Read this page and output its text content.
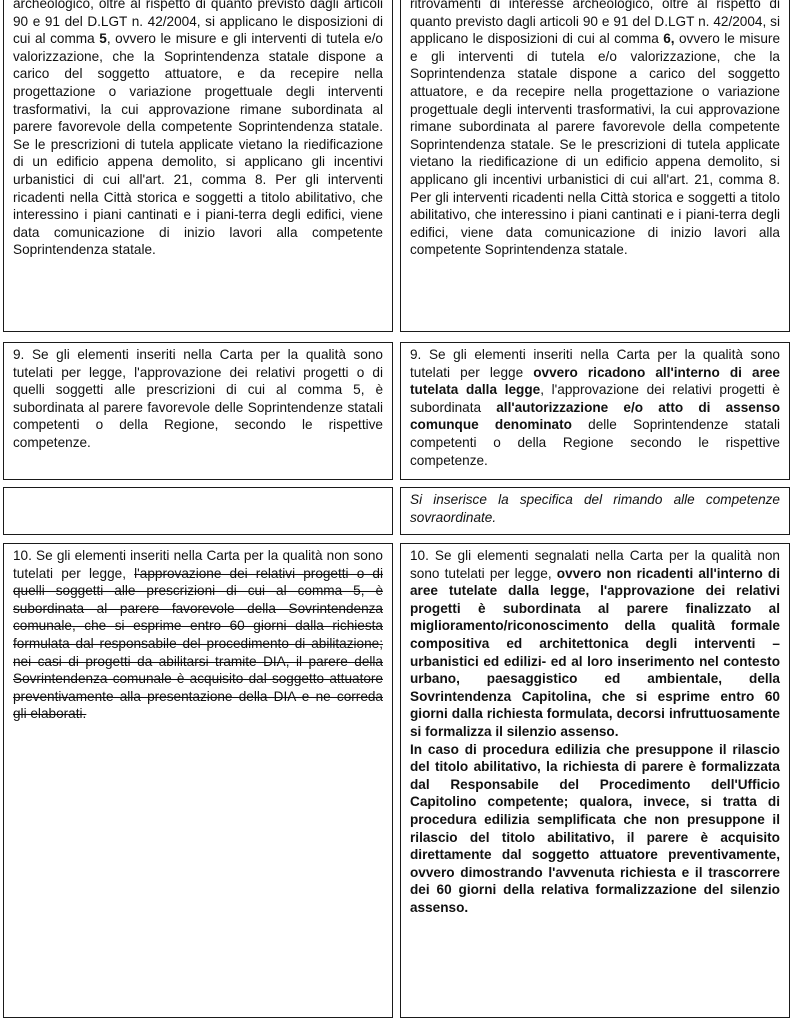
archeologico, oltre al rispetto di quanto previsto dagli articoli 90 e 91 del D.LGT n. 42/2004, si applicano le disposizioni di cui al comma 5, ovvero le misure e gli interventi di tutela e/o valorizzazione, che la Soprintendenza statale dispone a carico del soggetto attuatore, e da recepire nella progettazione o variazione progettuale degli interventi trasformativi, la cui approvazione rimane subordinata al parere favorevole della competente Soprintendenza statale. Se le prescrizioni di tutela applicate vietano la riedificazione di un edificio appena demolito, si applicano gli incentivi urbanistici di cui all'art. 21, comma 8. Per gli interventi ricadenti nella Città storica e soggetti a titolo abilitativo, che interessino i piani cantinati e i piani-terra degli edifici, viene data comunicazione di inizio lavori alla competente Soprintendenza statale.

ritrovamenti di interesse archeologico, oltre al rispetto di quanto previsto dagli articoli 90 e 91 del D.LGT n. 42/2004, si applicano le disposizioni di cui al comma 6, ovvero le misure e gli interventi di tutela e/o valorizzazione, che la Soprintendenza statale dispone a carico del soggetto attuatore, e da recepire nella progettazione o variazione progettuale degli interventi trasformativi, la cui approvazione rimane subordinata al parere favorevole della competente Soprintendenza statale. Se le prescrizioni di tutela applicate vietano la riedificazione di un edificio appena demolito, si applicano gli incentivi urbanistici di cui all'art. 21, comma 8. Per gli interventi ricadenti nella Città storica e soggetti a titolo abilitativo, che interessino i piani cantinati e i piani-terra degli edifici, viene data comunicazione di inizio lavori alla competente Soprintendenza statale.

9. Se gli elementi inseriti nella Carta per la qualità sono tutelati per legge, l'approvazione dei relativi progetti o di quelli soggetti alle prescrizioni di cui al comma 5, è subordinata al parere favorevole delle Soprintendenze statali competenti o della Regione, secondo le rispettive competenze.

9. Se gli elementi inseriti nella Carta per la qualità sono tutelati per legge ovvero ricadono all'interno di aree tutelata dalla legge, l'approvazione dei relativi progetti è subordinata all'autorizzazione e/o atto di assenso comunque denominato delle Soprintendenze statali competenti o della Regione secondo le rispettive competenze.

Si inserisce la specifica del rimando alle competenze sovraordinate.

10. Se gli elementi inseriti nella Carta per la qualità non sono tutelati per legge, l'approvazione dei relativi progetti o di quelli soggetti alle prescrizioni di cui al comma 5, è subordinata al parere favorevole della Sovrintendenza comunale, che si esprime entro 60 giorni dalla richiesta formulata dal responsabile del procedimento di abilitazione; nei casi di progetti da abilitarsi tramite DIA, il parere della Sovrintendenza comunale è acquisito dal soggetto attuatore preventivamente alla presentazione della DIA e ne correda gli elaborati.

10. Se gli elementi segnalati nella Carta per la qualità non sono tutelati per legge, ovvero non ricadenti all'interno di aree tutelate dalla legge, l'approvazione dei relativi progetti è subordinata al parere finalizzato al miglioramento/riconoscimento della qualità formale compositiva ed architettonica degli interventi – urbanistici ed edilizi- ed al loro inserimento nel contesto urbano, paesaggistico ed ambientale, della Sovrintendenza Capitolina, che si esprime entro 60 giorni dalla richiesta formulata, decorsi infruttuosamente si formalizza il silenzio assenso.

In caso di procedura edilizia che presuppone il rilascio del titolo abilitativo, la richiesta di parere è formalizzata dal Responsabile del Procedimento dell'Ufficio Capitolino competente; qualora, invece, si tratta di procedura edilizia semplificata che non presuppone il rilascio del titolo abilitativo, il parere è acquisito direttamente dal soggetto attuatore preventivamente, ovvero dimostrando l'avvenuta richiesta e il trascorrere dei 60 giorni della relativa formalizzazione del silenzio assenso.
